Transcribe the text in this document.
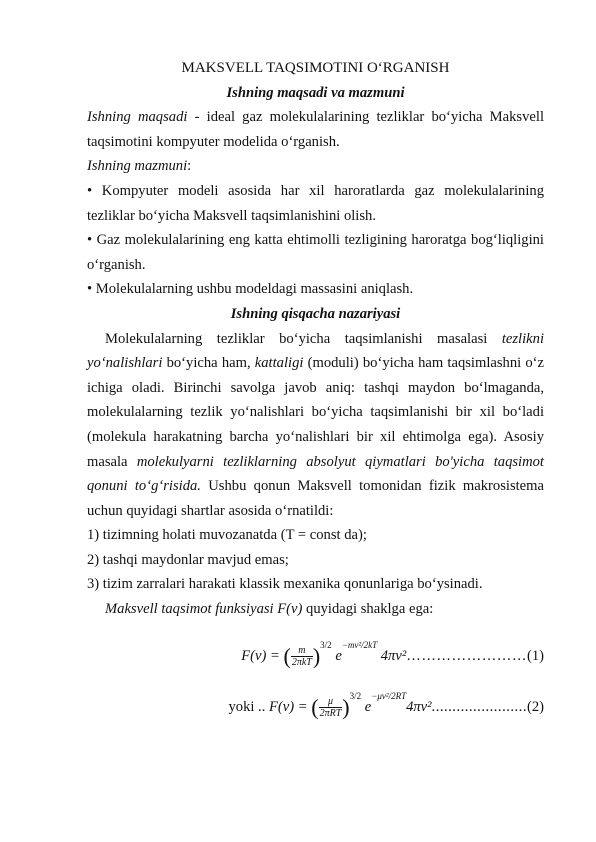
MAKSVELL TAQSIMOTINI O‘RGANISH

Ishning maqsadi va mazmuni

Ishning maqsadi - ideal gaz molekulalarining tezliklar bo‘yicha Maksvell taqsimotini kompyuter modelida o‘rganish.

Ishning mazmuni:

• Kompyuter modeli asosida har xil haroratlarda gaz molekulalarining tezliklar bo‘yicha Maksvell taqsimlanishini olish.

• Gaz molekulalarining eng katta ehtimolli tezligining haroratga bog‘liqligini o‘rganish.

• Molekulalarning ushbu modeldagi massasini aniqlash.

Ishning qisqacha nazariyasi

Molekulalarning tezliklar bo‘yicha taqsimlanishi masalasi tezlikni yo‘nalishlari bo‘yicha ham, kattaligi (moduli) bo‘yicha ham taqsimlashni o‘z ichiga oladi. Birinchi savolga javob aniq: tashqi maydon bo‘lmaganda, molekulalarning tezlik yo‘nalishlari bo‘yicha taqsimlanishi bir xil bo‘ladi (molekula harakatning barcha yo‘nalishlari bir xil ehtimolga ega). Asosiy masala molekulyarni tezliklarning absolyut qiymatlari bo'yicha taqsimot qonuni to‘g‘risida. Ushbu qonun Maksvell tomonidan fizik makrosistema uchun quyidagi shartlar asosida o‘rnatildi:

1) tizimning holati muvozanatda (T = const da);

2) tashqi maydonlar mavjud emas;

3) tizim zarralari harakati klassik mexanika qonunlariga bo‘ysinadi.

Maksvell taqsimot funksiyasi F(v) quyidagi shaklga ega:

F(v) = ( m
2πkT )$^{3/2}$ $e^{-mv^2/2kT}$ 4πv²……………………(1)

yoki .. F(v) = ( μ
2πRT )$^{3/2}$ $e^{-\mu v^2/2RT}4\pi v^2.......................(2)$
